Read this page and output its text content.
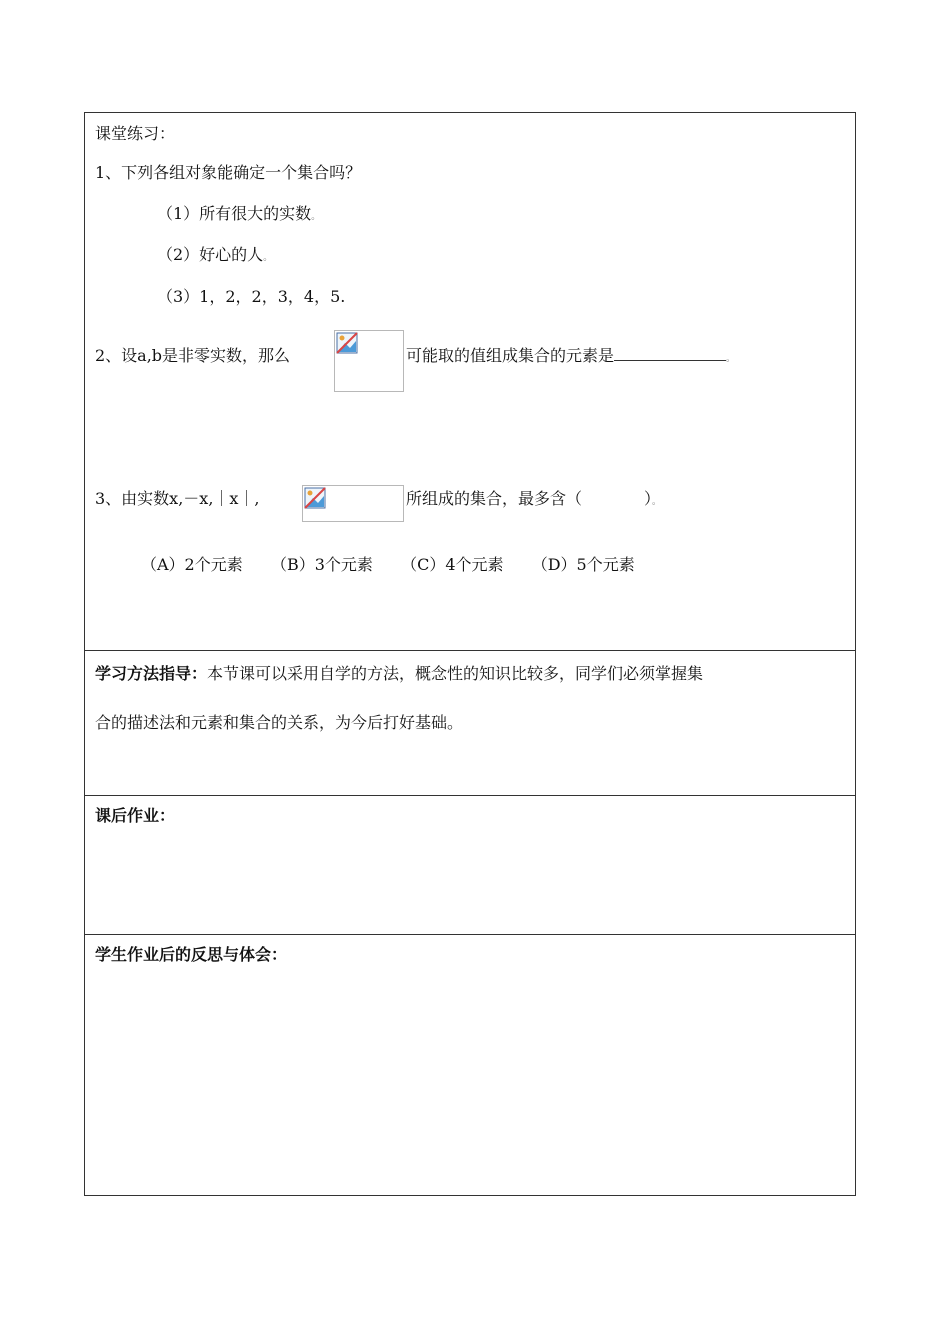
课堂练习：
1、下列各组对象能确定一个集合吗？
（1）所有很大的实数。
（2）好心的人。
（3）1，2，2，3，4，5.
2、设a,b是非零实数，那么	可能取的值组成集合的元素是	。
3、由实数x,－x,｜x｜,	所组成的集合，最多含（	）。
（A）2个元素 （B）3个元素 （C）4个元素 （D）5个元素
学习方法指导：本节课可以采用自学的方法，概念性的知识比较多，同学们必须掌握集
合的描述法和元素和集合的关系，为今后打好基础。
课后作业：
学生作业后的反思与体会：
